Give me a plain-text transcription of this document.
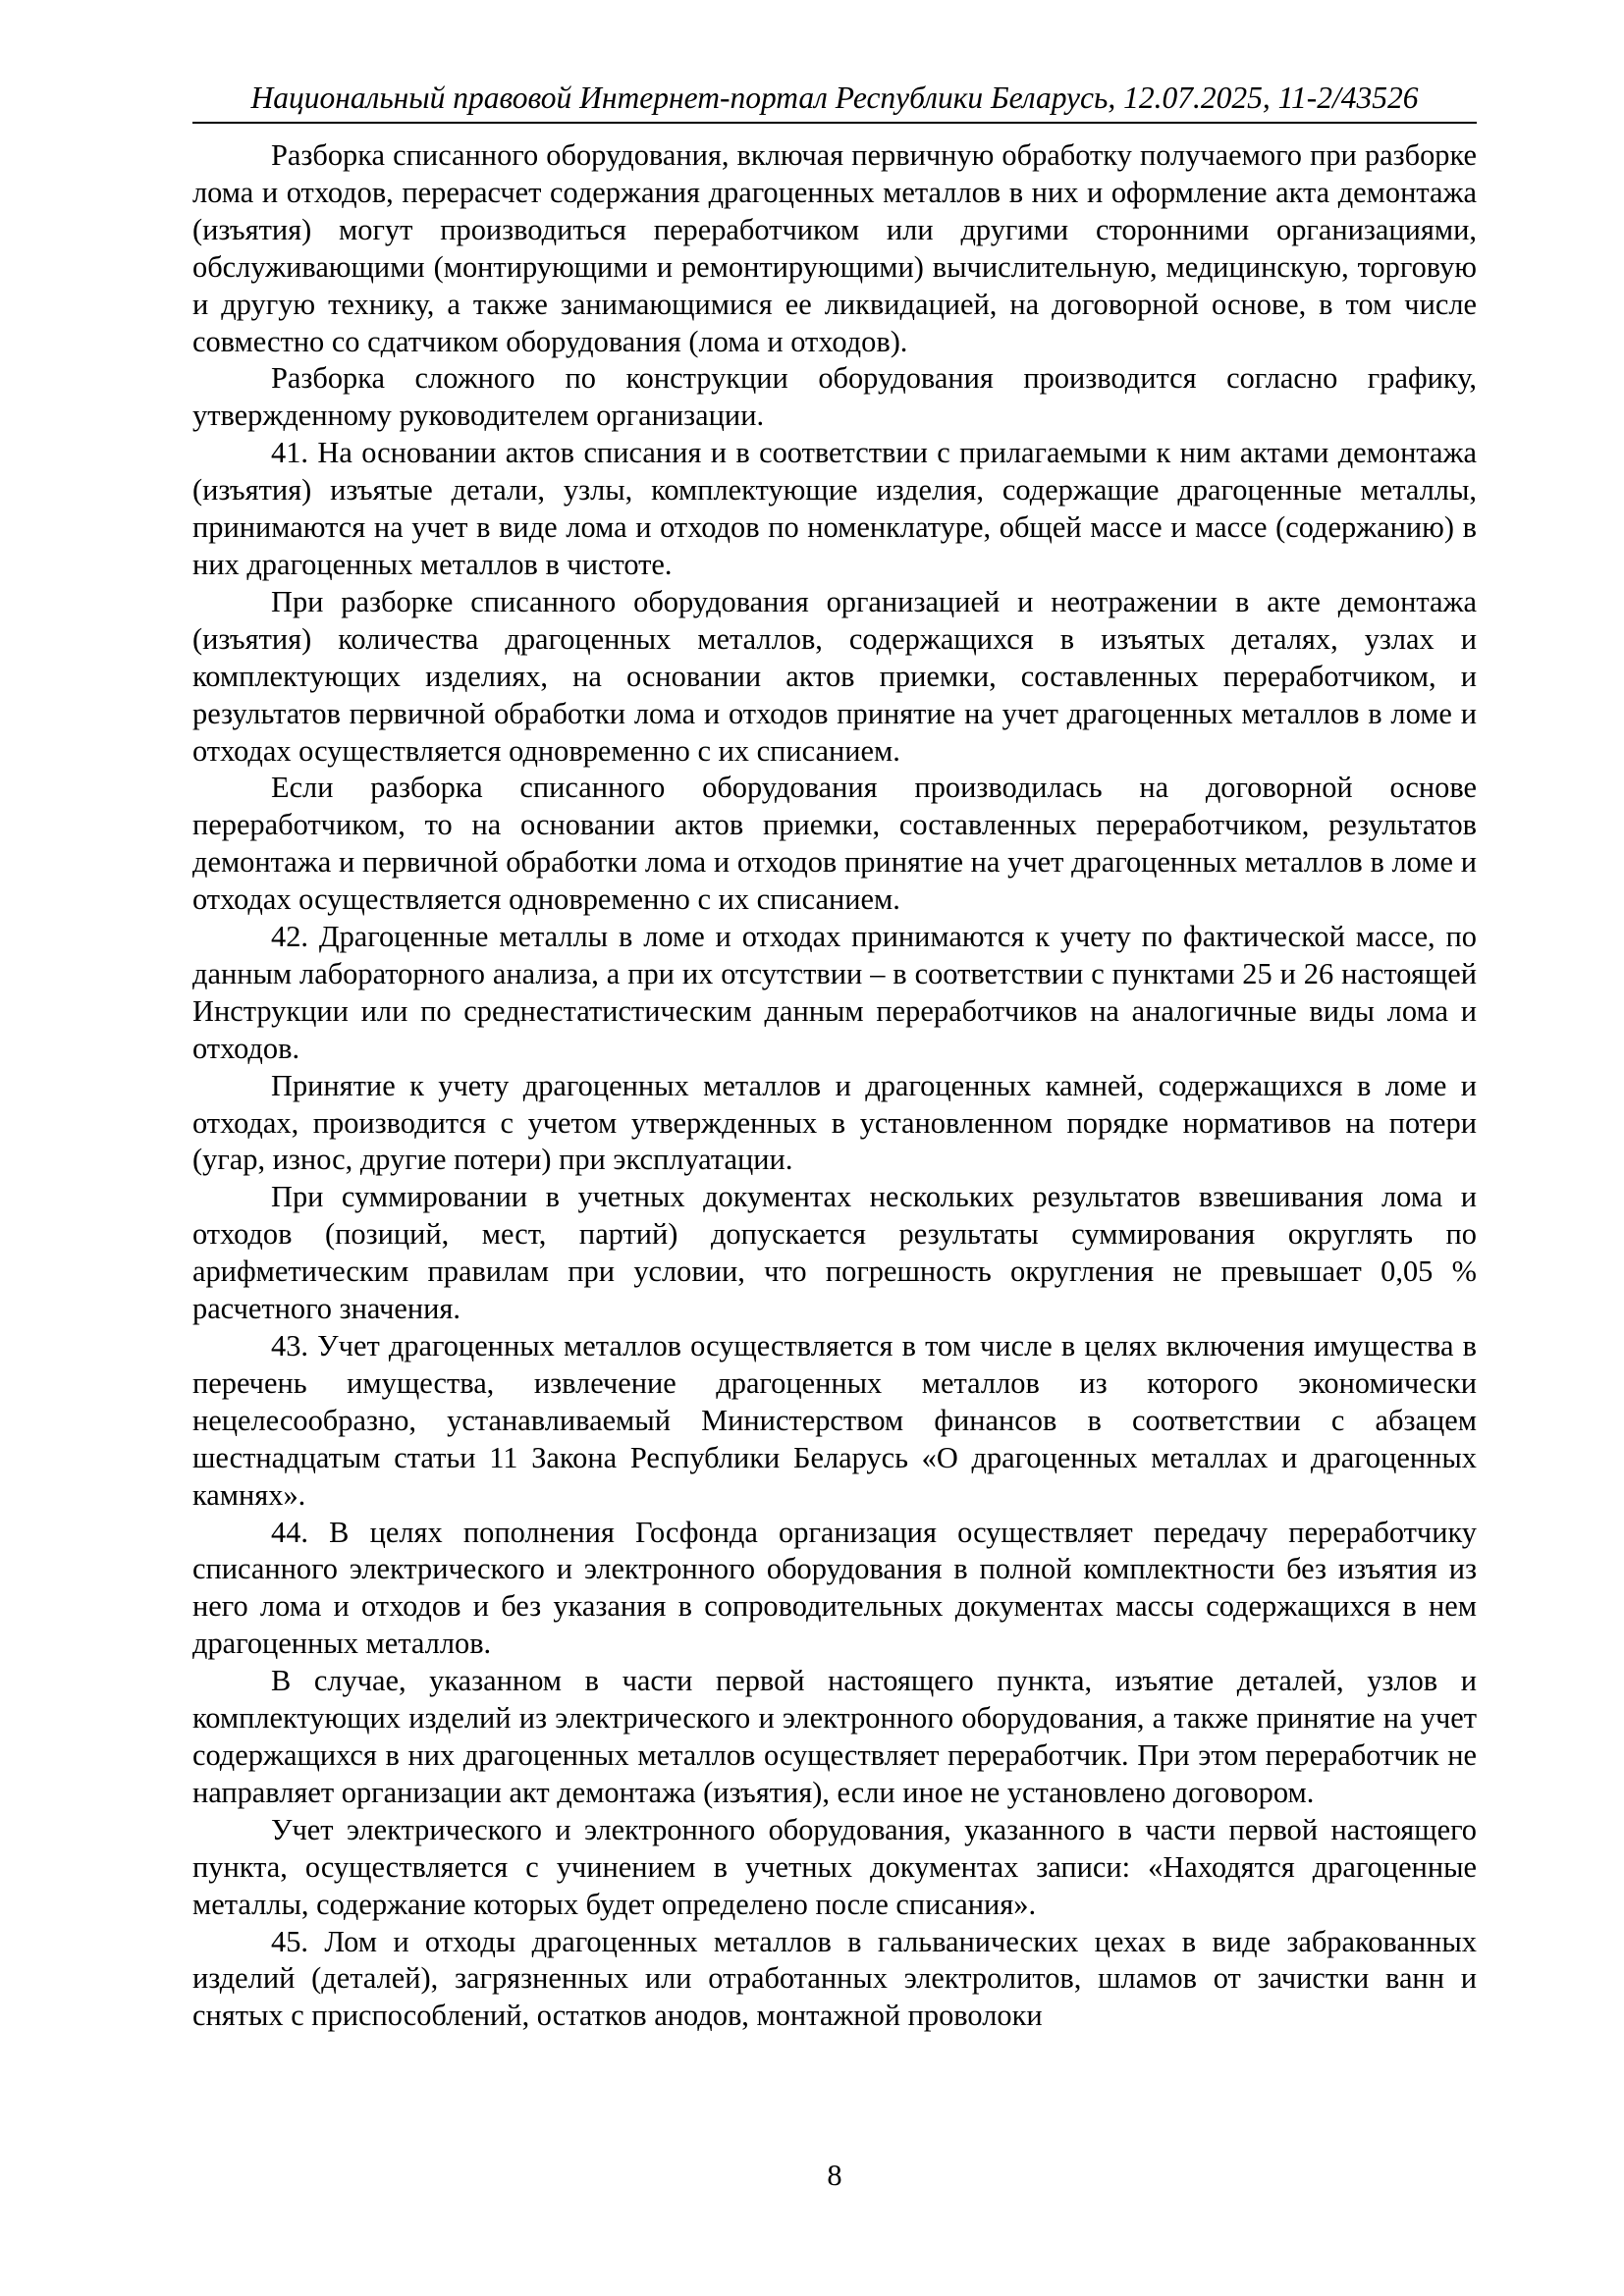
Национальный правовой Интернет-портал Республики Беларусь, 12.07.2025, 11-2/43526

Разборка списанного оборудования, включая первичную обработку получаемого при разборке лома и отходов, перерасчет содержания драгоценных металлов в них и оформление акта демонтажа (изъятия) могут производиться переработчиком или другими сторонними организациями, обслуживающими (монтирующими и ремонтирующими) вычислительную, медицинскую, торговую и другую технику, а также занимающимися ее ликвидацией, на договорной основе, в том числе совместно со сдатчиком оборудования (лома и отходов).

Разборка сложного по конструкции оборудования производится согласно графику, утвержденному руководителем организации.

41. На основании актов списания и в соответствии с прилагаемыми к ним актами демонтажа (изъятия) изъятые детали, узлы, комплектующие изделия, содержащие драгоценные металлы, принимаются на учет в виде лома и отходов по номенклатуре, общей массе и массе (содержанию) в них драгоценных металлов в чистоте.

При разборке списанного оборудования организацией и неотражении в акте демонтажа (изъятия) количества драгоценных металлов, содержащихся в изъятых деталях, узлах и комплектующих изделиях, на основании актов приемки, составленных переработчиком, и результатов первичной обработки лома и отходов принятие на учет драгоценных металлов в ломе и отходах осуществляется одновременно с их списанием.

Если разборка списанного оборудования производилась на договорной основе переработчиком, то на основании актов приемки, составленных переработчиком, результатов демонтажа и первичной обработки лома и отходов принятие на учет драгоценных металлов в ломе и отходах осуществляется одновременно с их списанием.

42. Драгоценные металлы в ломе и отходах принимаются к учету по фактической массе, по данным лабораторного анализа, а при их отсутствии – в соответствии с пунктами 25 и 26 настоящей Инструкции или по среднестатистическим данным переработчиков на аналогичные виды лома и отходов.

Принятие к учету драгоценных металлов и драгоценных камней, содержащихся в ломе и отходах, производится с учетом утвержденных в установленном порядке нормативов на потери (угар, износ, другие потери) при эксплуатации.

При суммировании в учетных документах нескольких результатов взвешивания лома и отходов (позиций, мест, партий) допускается результаты суммирования округлять по арифметическим правилам при условии, что погрешность округления не превышает 0,05 % расчетного значения.

43. Учет драгоценных металлов осуществляется в том числе в целях включения имущества в перечень имущества, извлечение драгоценных металлов из которого экономически нецелесообразно, устанавливаемый Министерством финансов в соответствии с абзацем шестнадцатым статьи 11 Закона Республики Беларусь «О драгоценных металлах и драгоценных камнях».

44. В целях пополнения Госфонда организация осуществляет передачу переработчику списанного электрического и электронного оборудования в полной комплектности без изъятия из него лома и отходов и без указания в сопроводительных документах массы содержащихся в нем драгоценных металлов.

В случае, указанном в части первой настоящего пункта, изъятие деталей, узлов и комплектующих изделий из электрического и электронного оборудования, а также принятие на учет содержащихся в них драгоценных металлов осуществляет переработчик. При этом переработчик не направляет организации акт демонтажа (изъятия), если иное не установлено договором.

Учет электрического и электронного оборудования, указанного в части первой настоящего пункта, осуществляется с учинением в учетных документах записи: «Находятся драгоценные металлы, содержание которых будет определено после списания».

45. Лом и отходы драгоценных металлов в гальванических цехах в виде забракованных изделий (деталей), загрязненных или отработанных электролитов, шламов от зачистки ванн и снятых с приспособлений, остатков анодов, монтажной проволоки

8
